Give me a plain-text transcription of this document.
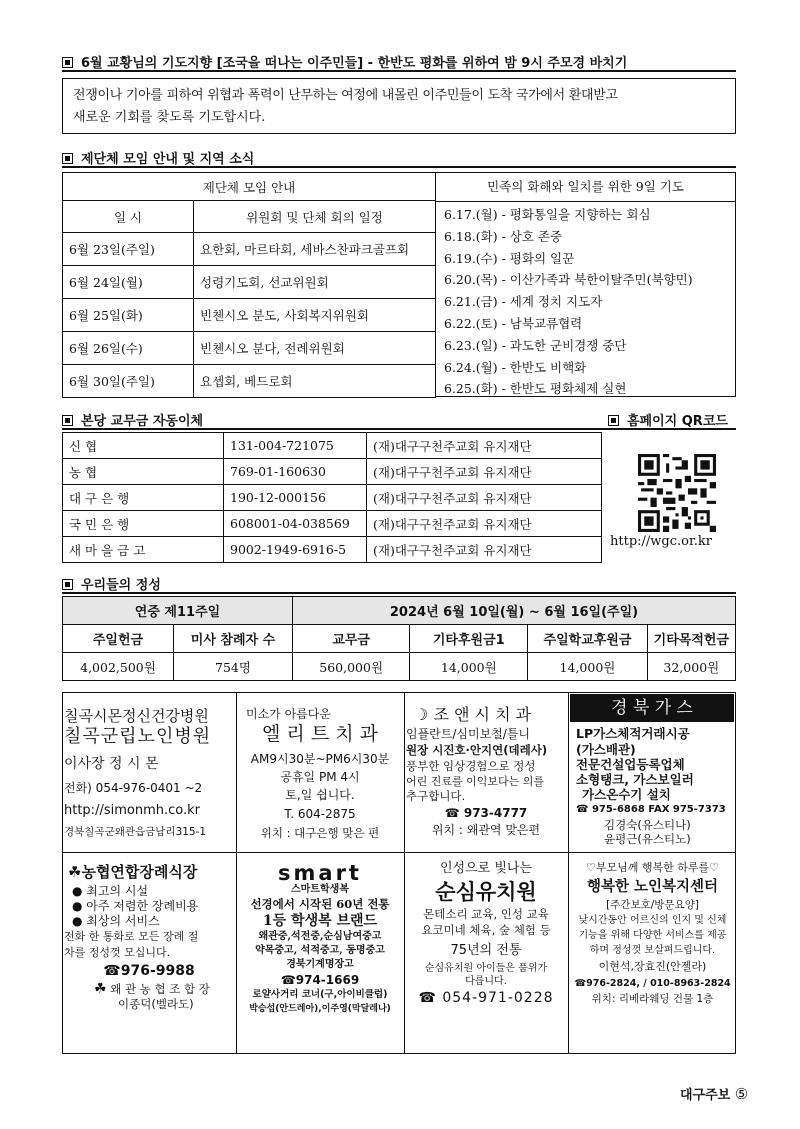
6월 교황님의 기도지향 [조국을 떠나는 이주민들] - 한반도 평화를 위하여 밤 9시 주모경 바치기
전쟁이나 기아를 피하여 위협과 폭력이 난무하는 여정에 내몰린 이주민들이 도착 국가에서 환대받고
새로운 기회를 찾도록 기도합시다.
제단체 모임 안내 및 지역 소식
제단체 모임 안내	
일 시	위원회 및 단체 회의 일정
6월 23일(주일)	요한회, 마르타회, 세바스찬파크골프회
6월 24일(월)	성령기도회, 선교위원회
6월 25일(화)	빈첸시오 분도, 사회복지위원회
6월 26일(수)	빈첸시오 분다, 전례위원회
6월 30일(주일)	요셉회, 베드로회
민족의 화해와 일치를 위한 9일 기도
6.17.(월) - 평화통일을 지향하는 회심
6.18.(화) - 상호 존중
6.19.(수) - 평화의 일꾼
6.20.(목) - 이산가족과 북한이탈주민(북향민)
6.21.(금) - 세계 정치 지도자
6.22.(토) - 남북교류협력
6.23.(일) - 과도한 군비경쟁 중단
6.24.(월) - 한반도 비핵화
6.25.(화) - 한반도 평화체제 실현
본당 교무금 자동이체	홈페이지 QR코드
신 협	131-004-721075	(재)대구구천주교회 유지재단
농 협	769-01-160630	(재)대구구천주교회 유지재단
대 구 은 행	190-12-000156	(재)대구구천주교회 유지재단
국 민 은 행	608001-04-038569	(재)대구구천주교회 유지재단
새 마 을 금 고	9002-1949-6916-5	(재)대구구천주교회 유지재단
http://wgc.or.kr
우리들의 정성
연중 제11주일		2024년 6월 10일(월) ~ 6월 16일(주일)			
주일헌금	미사 참례자 수	교무금	기타후원금1	주일학교후원금	기타목적헌금
4,002,500원	754명	560,000원	14,000원	14,000원	32,000원
칠곡시몬정신건강병원
칠곡군립노인병원
이사장 정 시 몬
전화) 054-976-0401 ~2
http://simonmh.co.kr
경북칠곡군왜관읍금남리315-1
미소가 아름다운
엘 리 트 치 과
AM9시30분~PM6시30분
공휴일 PM 4시
토,일 쉽니다.
T. 604-2875
위치 : 대구은행 맞은 편
☽ 조 앤 시 치 과
임플란트/심미보철/틀니
원장 시진호·안지연(데레사)
풍부한 임상경험으로 정성
어린 진료를 이익보다는 의를
추구합니다.
☎ 973-4777
위치 : 왜관역 맞은편
경 북 가 스
LP가스체적거래시공
(가스배관)
전문건설업등록업체
소형탱크, 가스보일러
가스온수기 설치
☎ 975-6868 FAX 975-7373
김경숙(유스티나)
윤평근(유스티노)
☘농협연합장례식장
● 최고의 시설
● 아주 저렴한 장례비용
● 최상의 서비스
전화 한 통화로 모든 장례 절
차를 정성껏 모십니다.
☎976-9988
☘ 왜 관 농 협 조 합 장
이종덕(벨라도)
smart
스마트학생복
선경에서 시작된 60년 전통
1등 학생복 브랜드
왜관중,석전중,순심남여중고
약목중고, 석적중고, 동명중고
경북기계명장고
☎974-1669
로얄사거리 코너(구,아이비클럽)
박승섭(안드레아),이주영(막달레나)
인성으로 빛나는
순심유치원
몬테소리 교육, 인성 교육
요코미네 체육, 숲 체험 등
75년의 전통
순심유치원 아이들은 품위가
다릅니다.
☎ 054-971-0228
♡부모님께 행복한 하루를♡
행복한 노인복지센터
[주간보호/방문요양]
낮시간동안 어르신의 인지 및 신체
기능을 위해 다양한 서비스를 제공
하며 정성껏 보살펴드립니다.
이현석,장효진(안젤라)
☎976-2824, / 010-8963-2824
위치: 리베라웨딩 건물 1층
대구주보 ⑤
